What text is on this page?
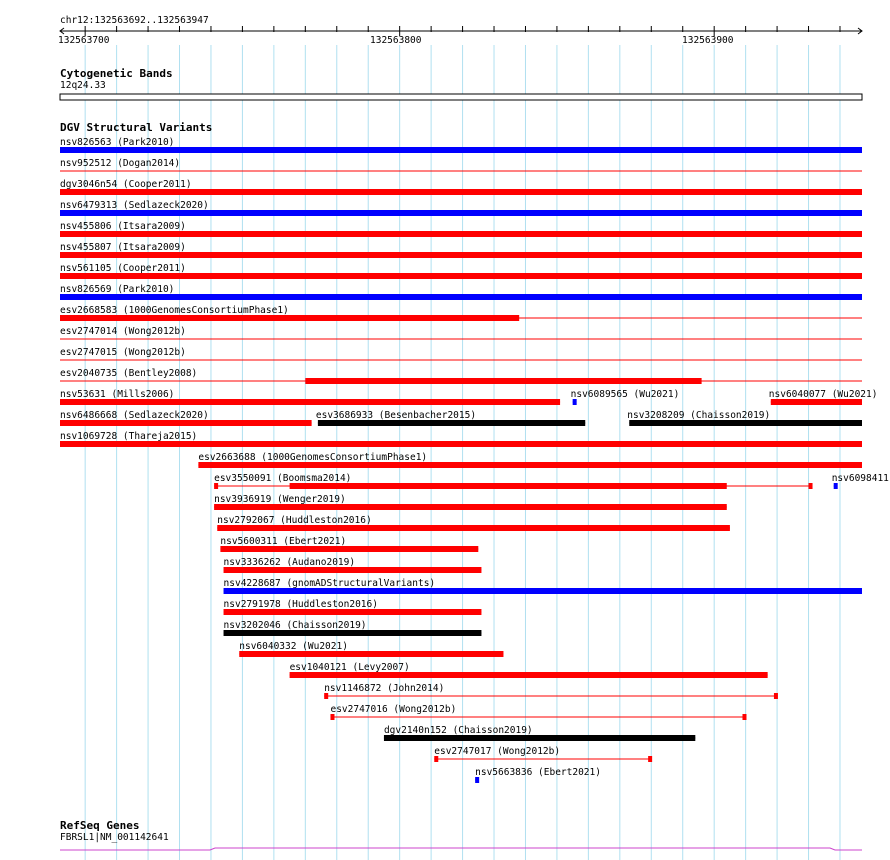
chr12:132563692..132563947
132563700	132563800	132563900
Cytogenetic Bands
12q24.33
DGV Structural Variants
nsv826563 (Park2010)
nsv952512 (Dogan2014)
dgv3046n54 (Cooper2011)
nsv6479313 (Sedlazeck2020)
nsv455806 (Itsara2009)
nsv455807 (Itsara2009)
nsv561105 (Cooper2011)
nsv826569 (Park2010)
esv2668583 (1000GenomesConsortiumPhase1)
esv2747014 (Wong2012b)
esv2747015 (Wong2012b)
esv2040735 (Bentley2008)
nsv53631 (Mills2006)	nsv6089565 (Wu2021)	nsv6040077 (Wu2021)
nsv6486668 (Sedlazeck2020)	esv3686933 (Besenbacher2015)	nsv3208209 (Chaisson2019)
nsv1069728 (Thareja2015)
esv2663688 (1000GenomesConsortiumPhase1)
esv3550091 (Boomsma2014)	nsv6098411
nsv3936919 (Wenger2019)
nsv2792067 (Huddleston2016)
nsv5600311 (Ebert2021)
nsv3336262 (Audano2019)
nsv4228687 (gnomADStructuralVariants)
nsv2791978 (Huddleston2016)
nsv3202046 (Chaisson2019)
nsv6040332 (Wu2021)
esv1040121 (Levy2007)
nsv1146872 (John2014)
esv2747016 (Wong2012b)
dgv2140n152 (Chaisson2019)
esv2747017 (Wong2012b)
nsv5663836 (Ebert2021)
RefSeq Genes
FBRSL1|NM_001142641
